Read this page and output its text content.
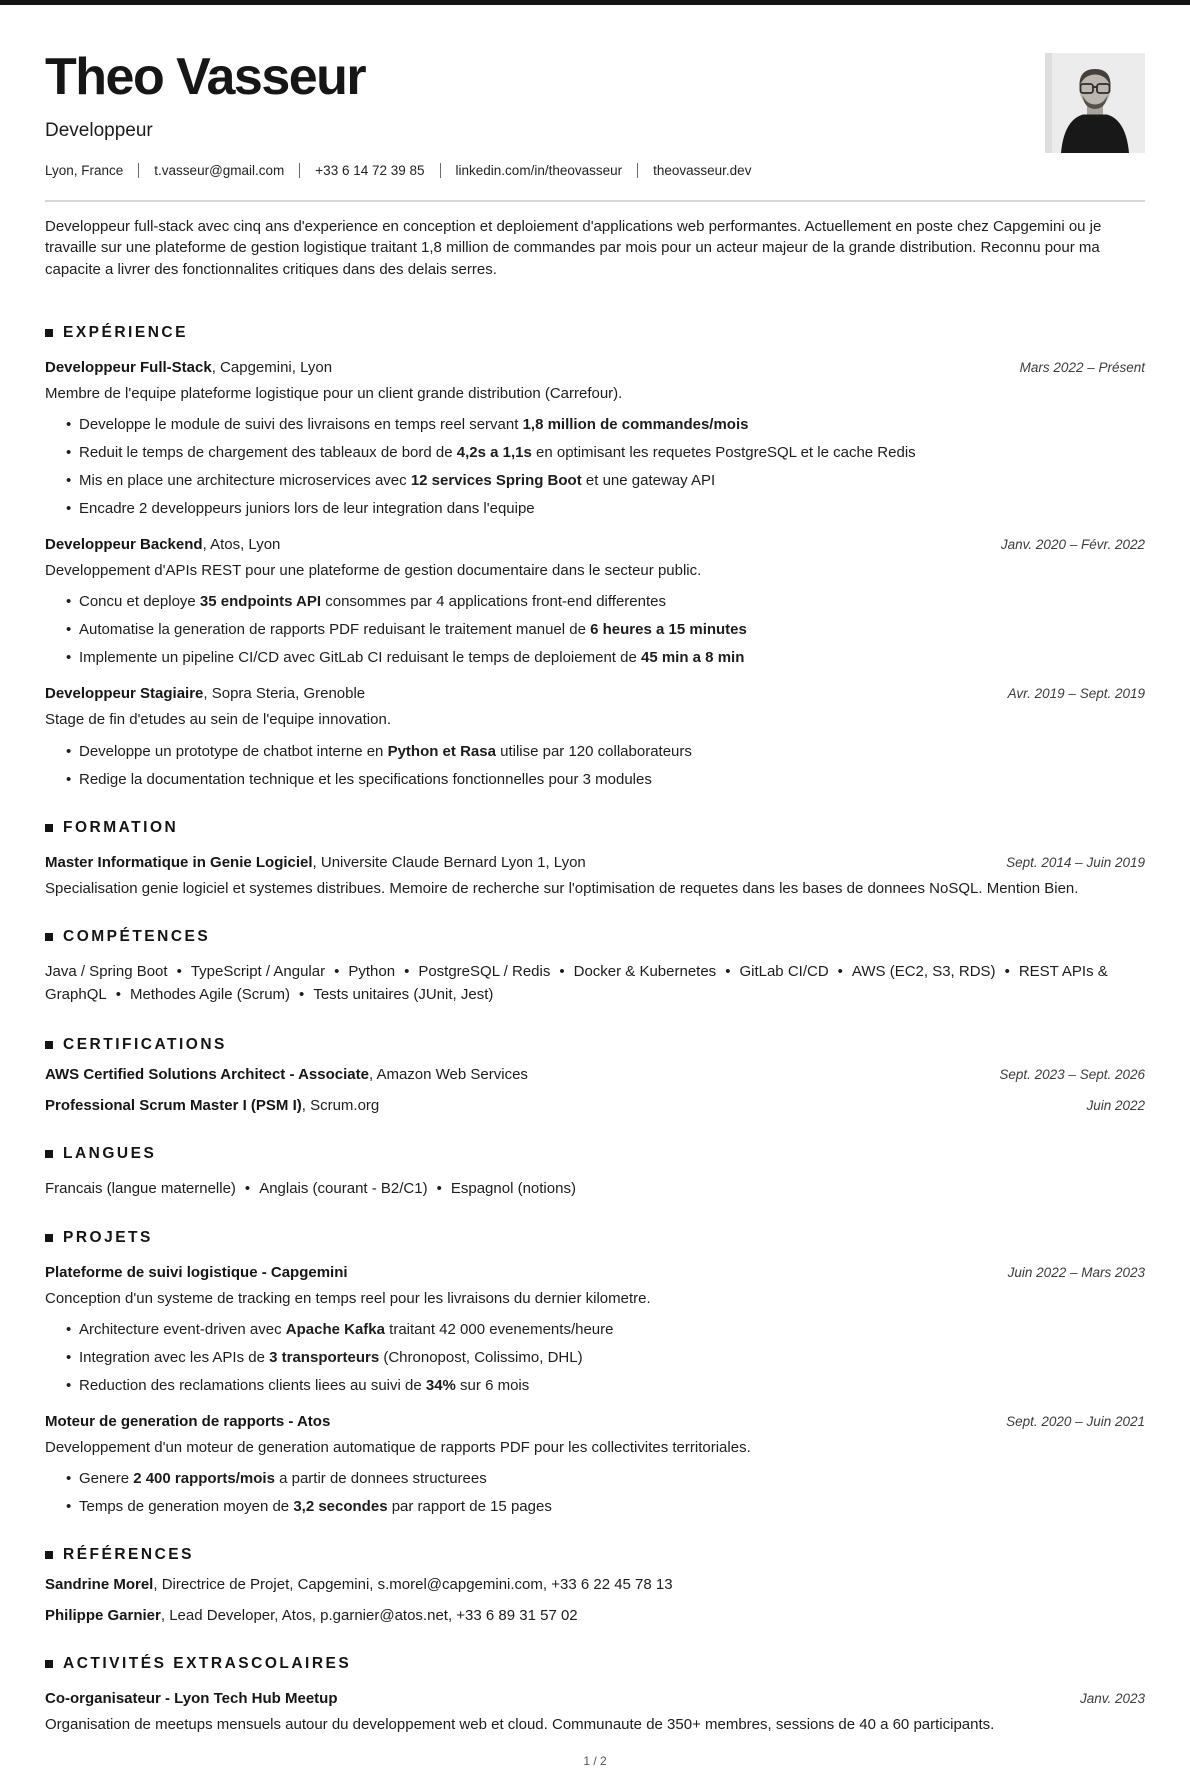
Theo Vasseur
Developpeur
Lyon, France t.vasseur@gmail.com +33 6 14 72 39 85 linkedin.com/in/theovasseur theovasseur.dev

Developpeur full-stack avec cinq ans d'experience en conception et deploiement d'applications web performantes. Actuellement en poste chez Capgemini ou je travaille sur une plateforme de gestion logistique traitant 1,8 million de commandes par mois pour un acteur majeur de la grande distribution. Reconnu pour ma capacite a livrer des fonctionnalites critiques dans des delais serres.

EXPÉRIENCE

Developpeur Full-Stack, Capgemini, Lyon	Mars 2022 – Présent

Membre de l'equipe plateforme logistique pour un client grande distribution (Carrefour).

• Developpe le module de suivi des livraisons en temps reel servant 1,8 million de commandes/mois
• Reduit le temps de chargement des tableaux de bord de 4,2s a 1,1s en optimisant les requetes PostgreSQL et le cache Redis
• Mis en place une architecture microservices avec 12 services Spring Boot et une gateway API
• Encadre 2 developpeurs juniors lors de leur integration dans l'equipe

Developpeur Backend, Atos, Lyon	Janv. 2020 – Févr. 2022

Developpement d'APIs REST pour une plateforme de gestion documentaire dans le secteur public.

• Concu et deploye 35 endpoints API consommes par 4 applications front-end differentes
• Automatise la generation de rapports PDF reduisant le traitement manuel de 6 heures a 15 minutes
• Implemente un pipeline CI/CD avec GitLab CI reduisant le temps de deploiement de 45 min a 8 min

Developpeur Stagiaire, Sopra Steria, Grenoble	Avr. 2019 – Sept. 2019

Stage de fin d'etudes au sein de l'equipe innovation.

• Developpe un prototype de chatbot interne en Python et Rasa utilise par 120 collaborateurs
• Redige la documentation technique et les specifications fonctionnelles pour 3 modules
FORMATION

Master Informatique in Genie Logiciel, Universite Claude Bernard Lyon 1, Lyon	Sept. 2014 – Juin 2019

Specialisation genie logiciel et systemes distribues. Memoire de recherche sur l'optimisation de requetes dans les bases de donnees NoSQL. Mention Bien.

COMPÉTENCES

Java / Spring Boot • TypeScript / Angular • Python • PostgreSQL / Redis • Docker & Kubernetes • GitLab CI/CD • AWS (EC2, S3, RDS) • REST APIs & GraphQL • Methodes Agile (Scrum) • Tests unitaires (JUnit, Jest)

CERTIFICATIONS

AWS Certified Solutions Architect - Associate, Amazon Web Services	Sept. 2023 – Sept. 2026

Professional Scrum Master I (PSM I), Scrum.org	Juin 2022
LANGUES

Francais (langue maternelle) • Anglais (courant - B2/C1) • Espagnol (notions)

PROJETS

Plateforme de suivi logistique - Capgemini	Juin 2022 – Mars 2023

Conception d'un systeme de tracking en temps reel pour les livraisons du dernier kilometre.

• Architecture event-driven avec Apache Kafka traitant 42 000 evenements/heure
• Integration avec les APIs de 3 transporteurs (Chronopost, Colissimo, DHL)
• Reduction des reclamations clients liees au suivi de 34% sur 6 mois

Moteur de generation de rapports - Atos	Sept. 2020 – Juin 2021

Developpement d'un moteur de generation automatique de rapports PDF pour les collectivites territoriales.

• Genere 2 400 rapports/mois a partir de donnees structurees
• Temps de generation moyen de 3,2 secondes par rapport de 15 pages
RÉFÉRENCES

Sandrine Morel, Directrice de Projet, Capgemini, s.morel@capgemini.com, +33 6 22 45 78 13

Philippe Garnier, Lead Developer, Atos, p.garnier@atos.net, +33 6 89 31 57 02

ACTIVITÉS EXTRASCOLAIRES

Co-organisateur - Lyon Tech Hub Meetup	Janv. 2023

Organisation de meetups mensuels autour du developpement web et cloud. Communaute de 350+ membres, sessions de 40 a 60 participants.

1 / 2
